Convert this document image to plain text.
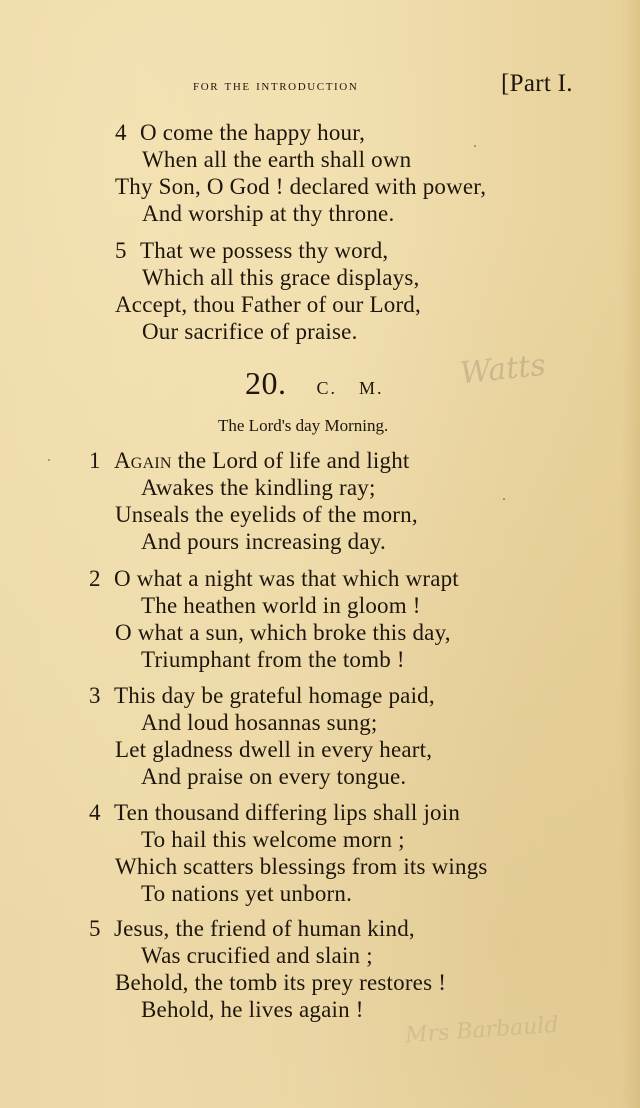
for the introduction	[Part I.
4 O come the happy hour,
When all the earth shall own
Thy Son, O God ! declared with power,
And worship at thy throne.
5 That we possess thy word,
Which all this grace displays,
Accept, thou Father of our Lord,
Our sacrifice of praise.
20. C. M. Watts
The Lord's day Morning.
1 Again the Lord of life and light
Awakes the kindling ray;
Unseals the eyelids of the morn,
And pours increasing day.
2 O what a night was that which wrapt
The heathen world in gloom !
O what a sun, which broke this day,
Triumphant from the tomb !
3 This day be grateful homage paid,
And loud hosannas sung;
Let gladness dwell in every heart,
And praise on every tongue.
4 Ten thousand differing lips shall join
To hail this welcome morn ;
Which scatters blessings from its wings
To nations yet unborn.
5 Jesus, the friend of human kind,
Was crucified and slain ;
Behold, the tomb its prey restores !
Behold, he lives again !
Mrs Barbauld
